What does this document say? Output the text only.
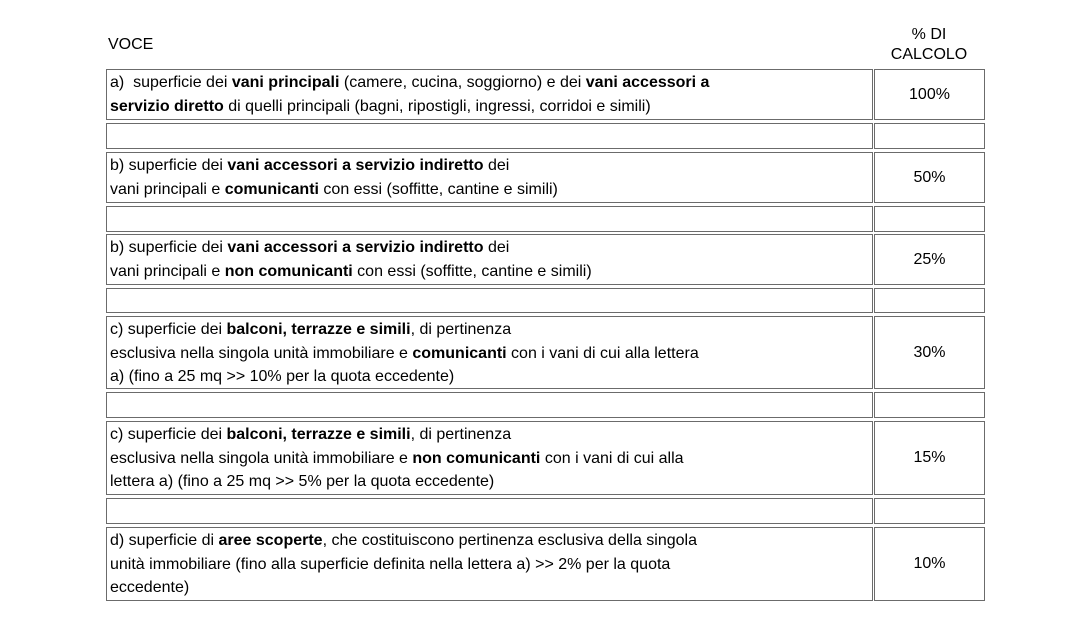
VOCE
% DI
CALCOLO
a)  superficie dei vani principali (camere, cucina, soggiorno) e dei vani accessori a
servizio diretto di quelli principali (bagni, ripostigli, ingressi, corridoi e simili)
100%
b) superficie dei vani accessori a servizio indiretto dei
vani principali e comunicanti con essi (soffitte, cantine e simili)
50%
b) superficie dei vani accessori a servizio indiretto dei
vani principali e non comunicanti con essi (soffitte, cantine e simili)
25%
c) superficie dei balconi, terrazze e simili, di pertinenza
esclusiva nella singola unità immobiliare e comunicanti con i vani di cui alla lettera
a) (fino a 25 mq >> 10% per la quota eccedente)
30%
c) superficie dei balconi, terrazze e simili, di pertinenza
esclusiva nella singola unità immobiliare e non comunicanti con i vani di cui alla
lettera a) (fino a 25 mq >> 5% per la quota eccedente)
15%
d) superficie di aree scoperte, che costituiscono pertinenza esclusiva della singola
unità immobiliare (fino alla superficie definita nella lettera a) >> 2% per la quota
eccedente)
10%
